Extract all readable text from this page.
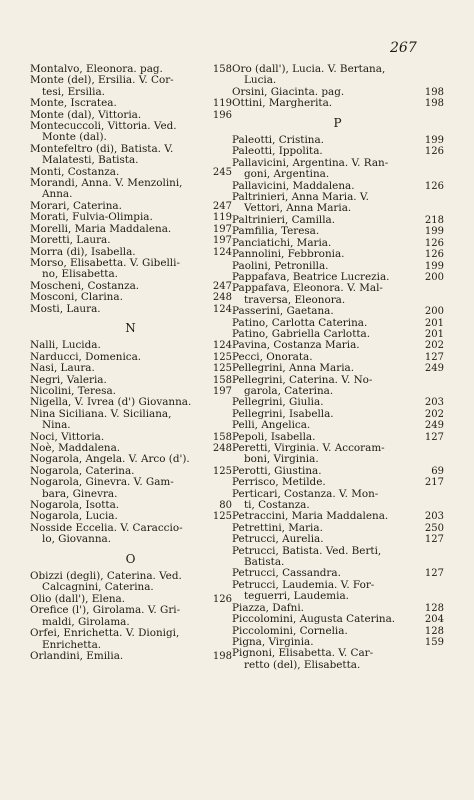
267
Montalvo, Eleonora. pag.	158
Monte (del), Ersilia. V. Cor-
tesi, Ersilia.
Monte, Iscratea.	119
Monte (dal), Vittoria.	196
Montecuccoli, Vittoria. Ved.
Monte (dal).
Montefeltro (di), Batista. V.
Malatesti, Batista.
Monti, Costanza.	245
Morandi, Anna. V. Menzolini,
Anna.
Morari, Caterina.	247
Morati, Fulvia-Olimpia.	119
Morelli, Maria Maddalena.	197
Moretti, Laura.	197
Morra (di), Isabella.	124
Morso, Elisabetta. V. Gibelli-
no, Elisabetta.
Moscheni, Costanza.	247
Mosconi, Clarina.	248
Mosti, Laura.	124
N
Nalli, Lucida.	124
Narducci, Domenica.	125
Nasi, Laura.	125
Negri, Valeria.	158
Nicolini, Teresa.	197
Nigella, V. Ivrea (d') Giovanna.
Nina Siciliana. V. Siciliana,
Nina.
Noci, Vittoria.	158
Noè, Maddalena.	248
Nogarola, Angela. V. Arco (d').
Nogarola, Caterina.	125
Nogarola, Ginevra. V. Gam-
bara, Ginevra.
Nogarola, Isotta.	80
Nogarola, Lucia.	125
Nosside Eccelia. V. Caraccio-
lo, Giovanna.
O
Obizzi (degli), Caterina. Ved.
Calcagnini, Caterina.
Olio (dall'), Elena.	126
Orefice (l'), Girolama. V. Gri-
maldi, Girolama.
Orfei, Enrichetta. V. Dionigi,
Enrichetta.
Orlandini, Emilia.	198
Oro (dall'), Lucia. V. Bertana,
Lucia.
Orsini, Giacinta. pag.	198
Ottini, Margherita.	198
P
Paleotti, Cristina.	199
Paleotti, Ippolita.	126
Pallavicini, Argentina. V. Ran-
goni, Argentina.
Pallavicini, Maddalena.	126
Paltrinieri, Anna Maria. V.
Vettori, Anna Maria.
Paltrinieri, Camilla.	218
Pamfilia, Teresa.	199
Panciatichi, Maria.	126
Pannolini, Febbronia.	126
Paolini, Petronilla.	199
Pappafava, Beatrice Lucrezia.	200
Pappafava, Eleonora. V. Mal-
traversa, Eleonora.
Passerini, Gaetana.	200
Patino, Carlotta Caterina.	201
Patino, Gabriella Carlotta.	201
Pavina, Costanza Maria.	202
Pecci, Onorata.	127
Pellegrini, Anna Maria.	249
Pellegrini, Caterina. V. No-
garola, Caterina.
Pellegrini, Giulia.	203
Pellegrini, Isabella.	202
Pelli, Angelica.	249
Pepoli, Isabella.	127
Peretti, Virginia. V. Accoram-
boni, Virginia.
Perotti, Giustina.	69
Perrisco, Metilde.	217
Perticari, Costanza. V. Mon-
ti, Costanza.
Petraccini, Maria Maddalena.	203
Petrettini, Maria.	250
Petrucci, Aurelia.	127
Petrucci, Batista. Ved. Berti,
Batista.
Petrucci, Cassandra.	127
Petrucci, Laudemia. V. For-
teguerri, Laudemia.
Piazza, Dafni.	128
Piccolomini, Augusta Caterina.	204
Piccolomini, Cornelia.	128
Pigna, Virginia.	159
Pignoni, Elisabetta. V. Car-
retto (del), Elisabetta.
